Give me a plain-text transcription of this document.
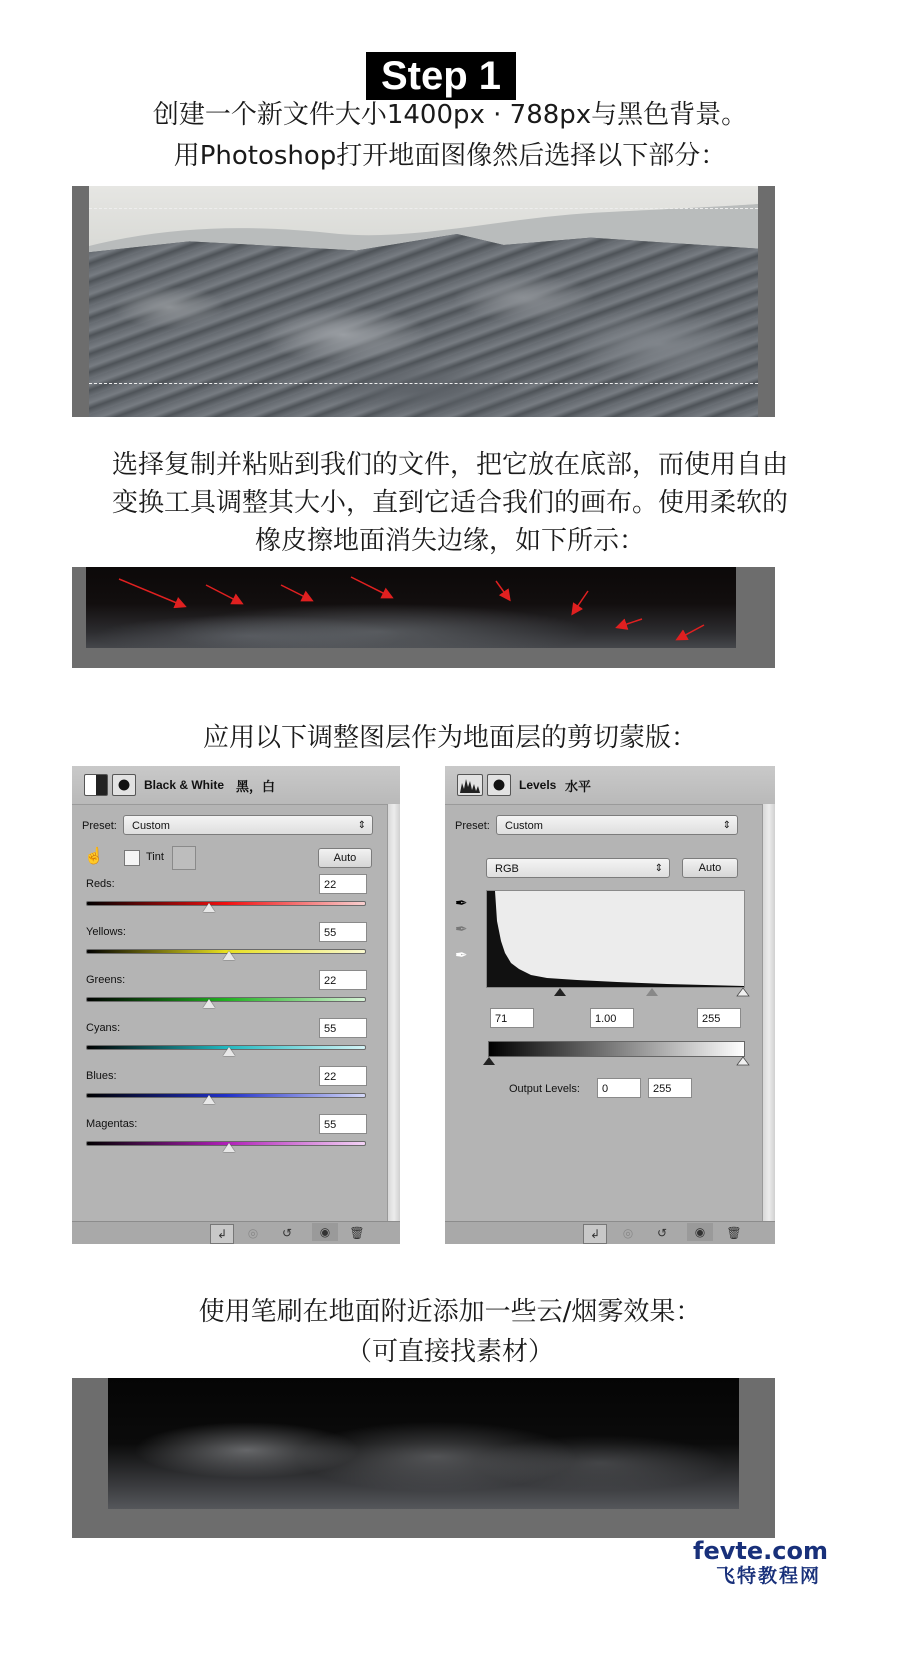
Step 1
创建一个新文件大小1400px · 788px与黑色背景。
用Photoshop打开地面图像然后选择以下部分：
选择复制并粘贴到我们的文件，把它放在底部，而使用自由
变换工具调整其大小，直到它适合我们的画布。使用柔软的
橡皮擦地面消失边缘，如下所示：
应用以下调整图层作为地面层的剪切蒙版：
Black & White 黑，白
Preset:	Custom	⇕
☝	Tint	Auto
↲	◎	↺	◉	🗑
Reds:	22
Yellows:	55
Greens:	22
Cyans:	55
Blues:	22
Magentas:	55
Levels 水平
Preset:	Custom	⇕
RGB	⇕	Auto
✒
✒
✒
71	1.00	255
Output Levels:	0	255
↲	◎	↺	◉	🗑
使用笔刷在地面附近添加一些云/烟雾效果：
（可直接找素材）
fevte.com
飞特教程网
